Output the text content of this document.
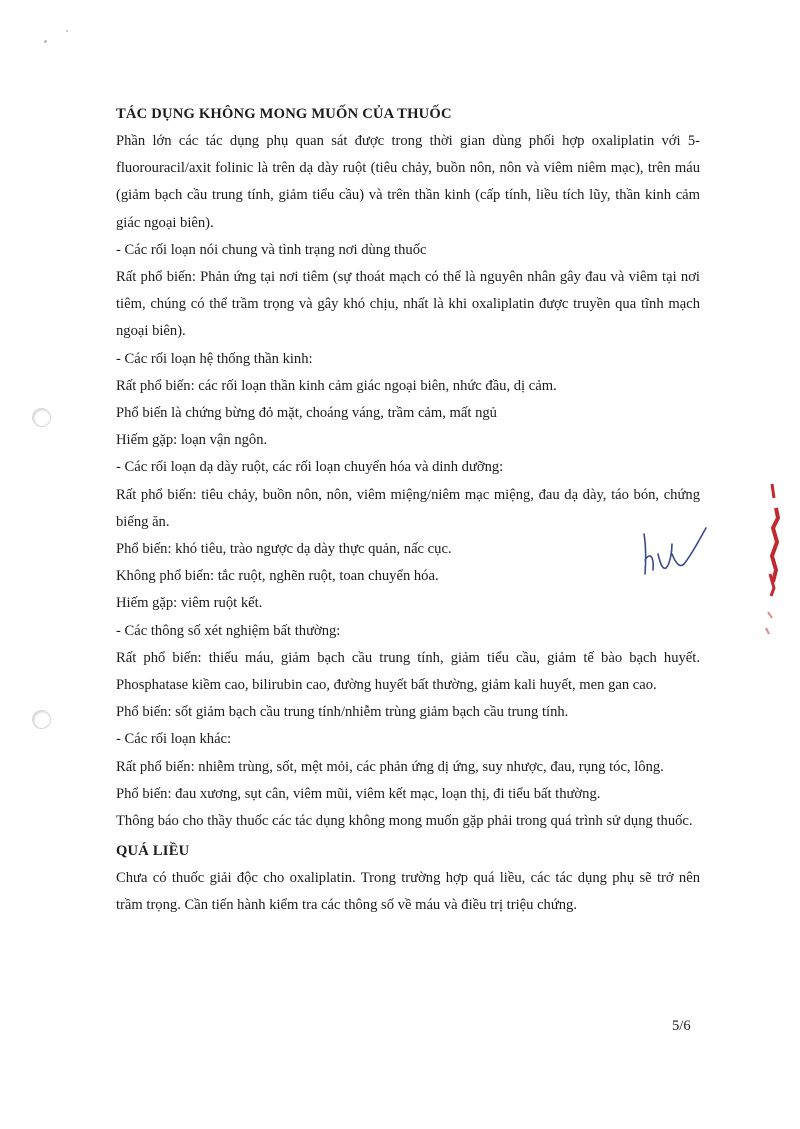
TÁC DỤNG KHÔNG MONG MUỐN CỦA THUỐC

Phần lớn các tác dụng phụ quan sát được trong thời gian dùng phối hợp oxaliplatin với 5-fluorouracil/axit folinic là trên dạ dày ruột (tiêu chảy, buồn nôn, nôn và viêm niêm mạc), trên máu (giảm bạch cầu trung tính, giảm tiểu cầu) và trên thần kinh (cấp tính, liều tích lũy, thần kinh cảm giác ngoại biên).

- Các rối loạn nói chung và tình trạng nơi dùng thuốc

Rất phổ biến: Phản ứng tại nơi tiêm (sự thoát mạch có thể là nguyên nhân gây đau và viêm tại nơi tiêm, chúng có thể trầm trọng và gây khó chịu, nhất là khi oxaliplatin được truyền qua tĩnh mạch ngoại biên).

- Các rối loạn hệ thống thần kinh:

Rất phổ biến: các rối loạn thần kinh cảm giác ngoại biên, nhức đầu, dị cảm.

Phổ biến là chứng bừng đỏ mặt, choáng váng, trầm cảm, mất ngủ

Hiếm gặp: loạn vận ngôn.

- Các rối loạn dạ dày ruột, các rối loạn chuyển hóa và dinh dưỡng:

Rất phổ biến: tiêu chảy, buồn nôn, nôn, viêm miệng/niêm mạc miệng, đau dạ dày, táo bón, chứng biếng ăn.

Phổ biến: khó tiêu, trào ngược dạ dày thực quản, nấc cục.

Không phổ biến: tắc ruột, nghẽn ruột, toan chuyển hóa.

Hiếm gặp: viêm ruột kết.

- Các thông số xét nghiệm bất thường:

Rất phổ biến: thiếu máu, giảm bạch cầu trung tính, giảm tiểu cầu, giảm tế bào bạch huyết. Phosphatase kiềm cao, bilirubin cao, đường huyết bất thường, giảm kali huyết, men gan cao.

Phổ biến: sốt giảm bạch cầu trung tính/nhiễm trùng giảm bạch cầu trung tính.

- Các rối loạn khác:

Rất phổ biến: nhiễm trùng, sốt, mệt mỏi, các phản ứng dị ứng, suy nhược, đau, rụng tóc, lông.

Phổ biến: đau xương, sụt cân, viêm mũi, viêm kết mạc, loạn thị, đi tiểu bất thường.

Thông báo cho thầy thuốc các tác dụng không mong muốn gặp phải trong quá trình sử dụng thuốc.

QUÁ LIỀU

Chưa có thuốc giải độc cho oxaliplatin. Trong trường hợp quá liều, các tác dụng phụ sẽ trở nên trầm trọng. Cần tiến hành kiểm tra các thông số về máu và điều trị triệu chứng.

5/6
